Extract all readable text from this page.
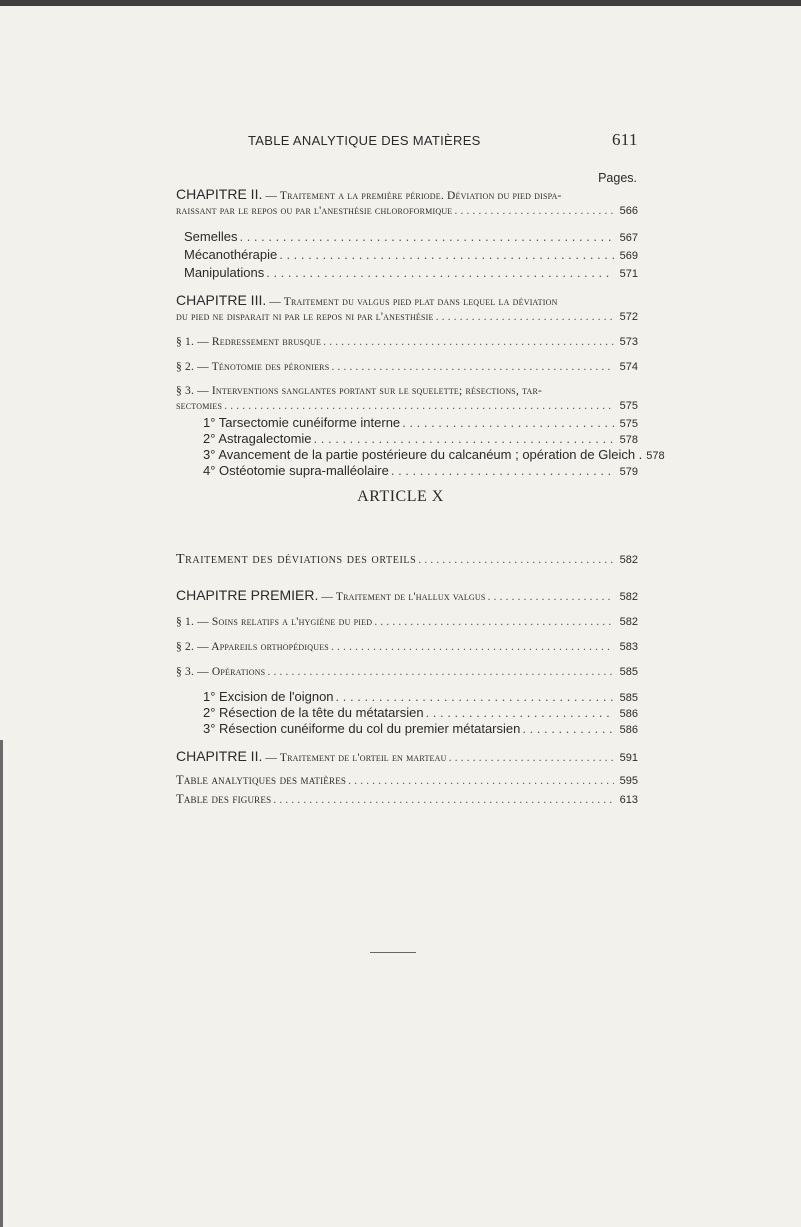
TABLE ANALYTIQUE DES MATIÈRES	611
Pages.
CHAPITRE II.
— Traitement a la première période. Déviation du pied dispa-
raissant par le repos ou par l'anesthésie chloroformique . . .	566
Semelles . . .	567
Mécanothérapie . . .	569
Manipulations . . .	571
CHAPITRE III.
— Traitement du valgus pied plat dans lequel la déviation
du pied ne disparait ni par le repos ni par l'anesthésie . . .	572
§ 1. — Redressement brusque . . .	573
§ 2. — Ténotomie des péroniers . . .	574
§ 3. — Interventions sanglantes portant sur le squelette; résections, tar-
sectomies . . .	575
1° Tarsectomie cunéiforme interne . . .	575
2° Astragalectomie . . .	578
3° Avancement de la partie postérieure du calcanéum ; opération de Gleich . 578
4° Ostéotomie supra-malléolaire . . .	579
Traitement des déviations des orteils . . .	582
CHAPITRE PREMIER.
— Traitement de l'hallux valgus . . .	582
§ 1. — Soins relatifs a l'hygiène du pied . . .	582
§ 2. — Appareils orthopédiques . . .	583
§ 3. — Opérations . . .	585
1° Excision de l'oignon . . .	585
2° Résection de la tête du métatarsien . . .	586
3° Résection cunéiforme du col du premier métatarsien . . .	586
CHAPITRE II.
— Traitement de l'orteil en marteau . . .	591
Table analytiques des matières . . .	595
Table des figures . . .	613
ARTICLE X
